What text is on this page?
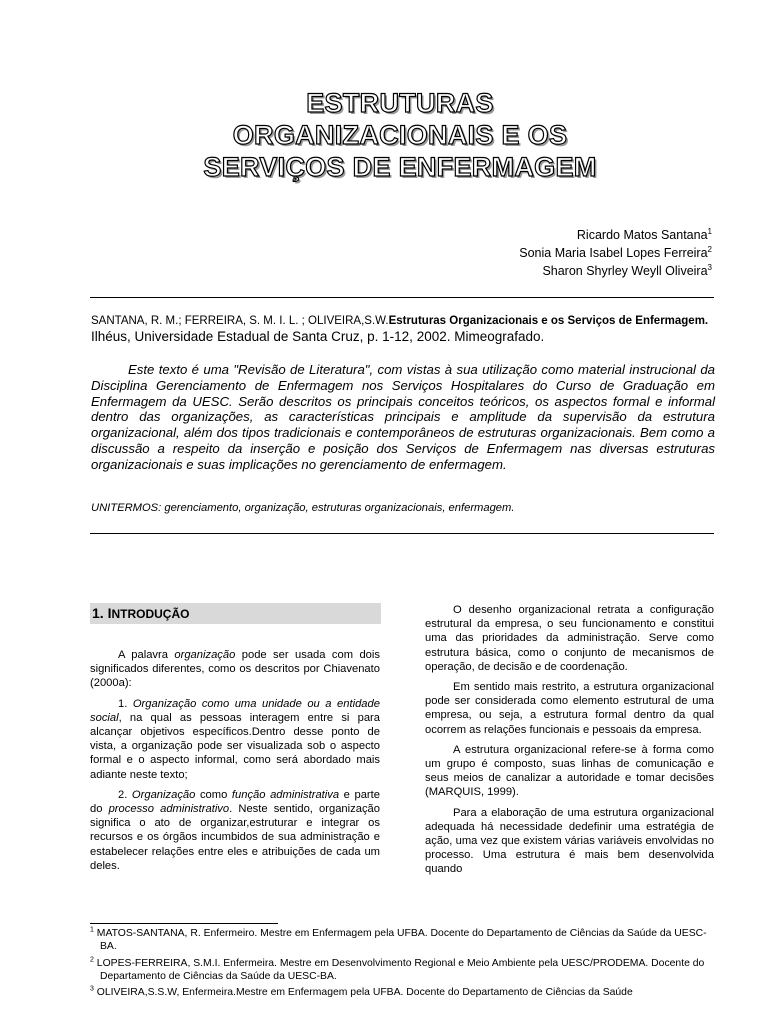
ESTRUTURAS
ORGANIZACIONAIS E OS
SERVIÇOS DE ENFERMAGEM
Ricardo Matos Santana$^1$
Sonia Maria Isabel Lopes Ferreira$^2$
Sharon Shyrley Weyll Oliveira$^3$
SANTANA, R. M.; FERREIRA, S. M. I. L. ; OLIVEIRA,S.W.Estruturas Organizacionais e os Serviços de Enfermagem. Ilhéus, Universidade Estadual de Santa Cruz, p. 1-12, 2002. Mimeografado.
Este texto é uma "Revisão de Literatura", com vistas à sua utilização como material instrucional da Disciplina Gerenciamento de Enfermagem nos Serviços Hospitalares do Curso de Graduação em Enfermagem da UESC. Serão descritos os principais conceitos teóricos, os aspectos formal e informal dentro das organizações, as características principais e amplitude da supervisão da estrutura organizacional, além dos tipos tradicionais e contemporâneos de estruturas organizacionais. Bem como a discussão a respeito da inserção e posição dos Serviços de Enfermagem nas diversas estruturas organizacionais e suas implicações no gerenciamento de enfermagem.
UNITERMOS: gerenciamento, organização, estruturas organizacionais, enfermagem.
1. INTRODUÇÃO

A palavra organização pode ser usada com dois significados diferentes, como os descritos por Chiavenato (2000a):

1. Organização como uma unidade ou a entidade social, na qual as pessoas interagem entre si para alcançar objetivos específicos.Dentro desse ponto de vista, a organização pode ser visualizada sob o aspecto formal e o aspecto informal, como será abordado mais adiante neste texto;

2. Organização como função administrativa e parte do processo administrativo. Neste sentido, organização significa o ato de organizar,estruturar e integrar os recursos e os órgãos incumbidos de sua administração e estabelecer relações entre eles e atribuições de cada um deles.

O desenho organizacional retrata a configuração estrutural da empresa, o seu funcionamento e constitui uma das prioridades da administração. Serve como estrutura básica, como o conjunto de mecanismos de operação, de decisão e de coordenação.

Em sentido mais restrito, a estrutura organizacional pode ser considerada como elemento estrutural de uma empresa, ou seja, a estrutura formal dentro da qual ocorrem as relações funcionais e pessoais da empresa.

A estrutura organizacional refere-se à forma como um grupo é composto, suas linhas de comunicação e seus meios de canalizar a autoridade e tomar decisões (MARQUIS, 1999).

Para a elaboração de uma estrutura organizacional adequada há necessidade dedefinir uma estratégia de ação, uma vez que existem várias variáveis envolvidas no processo. Uma estrutura é mais bem desenvolvida quando

$^1$ MATOS-SANTANA, R. Enfermeiro. Mestre em Enfermagem pela UFBA. Docente do Departamento de Ciências da Saúde da UESC-BA.
$^2$ LOPES-FERREIRA, S.M.I. Enfermeira. Mestre em Desenvolvimento Regional e Meio Ambiente pela UESC/PRODEMA. Docente do Departamento de Ciências da Saúde da UESC-BA.
$^3$ OLIVEIRA,S.S.W, Enfermeira.Mestre em Enfermagem pela UFBA. Docente do Departamento de Ciências da Saúde
